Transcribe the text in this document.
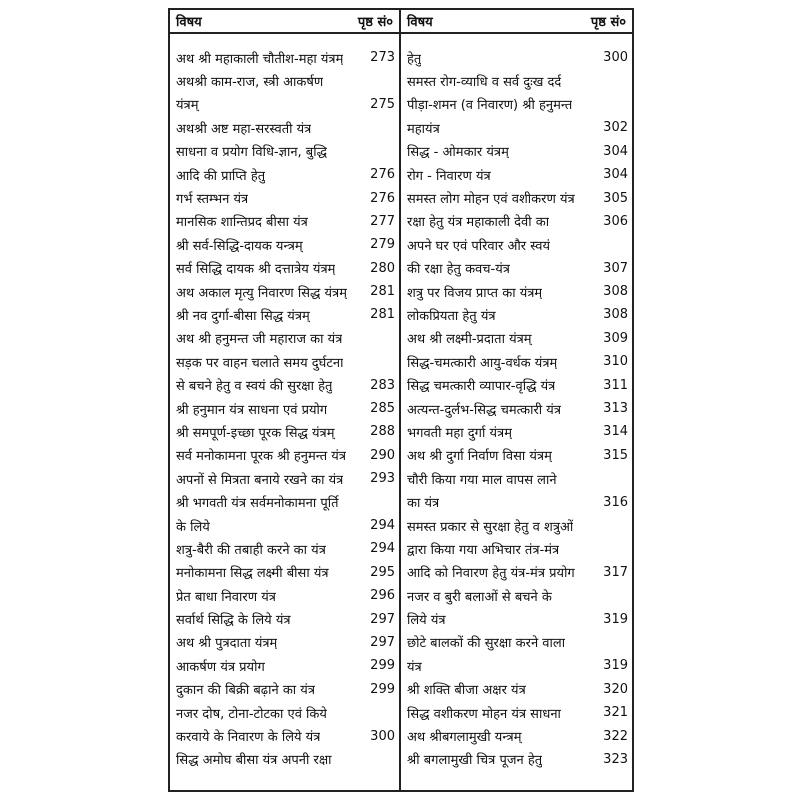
विषय	पृष्ठ सं०
अथ श्री महाकाली चौतीश-महा यंत्रम् 273
अथश्री काम-राज, स्त्री आकर्षण
यंत्रम्	275
अथश्री अष्ट महा-सरस्वती यंत्र
साधना व प्रयोग विधि-ज्ञान, बुद्धि
आदि की प्राप्ति हेतु	276
गर्भ स्तम्भन यंत्र	276
मानसिक शान्तिप्रद बीसा यंत्र	277
श्री सर्व-सिद्धि-दायक यन्त्रम्	279
सर्व सिद्धि दायक श्री दत्तात्रेय यंत्रम्	280
अथ अकाल मृत्यु निवारण सिद्ध यंत्रम् 281
श्री नव दुर्गा-बीसा सिद्ध यंत्रम्	281
अथ श्री हनुमन्त जी महाराज का यंत्र
सड़क पर वाहन चलाते समय दुर्घटना
से बचने हेतु व स्वयं की सुरक्षा हेतु	283
श्री हनुमान यंत्र साधना एवं प्रयोग	285
श्री समपूर्ण-इच्छा पूरक सिद्ध यंत्रम्	288
सर्व मनोकामना पूरक श्री हनुमन्त यंत्र 290
अपनों से मित्रता बनाये रखने का यंत्र 293
श्री भगवती यंत्र सर्वमनोकामना पूर्ति
के लिये	294
शत्रु-बैरी की तबाही करने का यंत्र	294
मनोकामना सिद्ध लक्ष्मी बीसा यंत्र	295
प्रेत बाधा निवारण यंत्र	296
सर्वार्थ सिद्धि के लिये यंत्र	297
अथ श्री पुत्रदाता यंत्रम्	297
आकर्षण यंत्र प्रयोग	299
दुकान की बिक्री बढ़ाने का यंत्र	299
नजर दोष, टोना-टोटका एवं किये
करवाये के निवारण के लिये यंत्र	300
सिद्ध अमोघ बीसा यंत्र अपनी रक्षा
विषय	पृष्ठ सं०
हेतु	300
समस्त रोग-व्याधि व सर्व दुःख दर्द
पीड़ा-शमन (व निवारण) श्री हनुमन्त
महायंत्र	302
सिद्ध - ओमकार यंत्रम्	304
रोग - निवारण यंत्र	304
समस्त लोग मोहन एवं वशीकरण यंत्र 305
रक्षा हेतु यंत्र महाकाली देवी का	306
अपने घर एवं परिवार और स्वयं
की रक्षा हेतु कवच-यंत्र	307
शत्रु पर विजय प्राप्त का यंत्रम्	308
लोकप्रियता हेतु यंत्र	308
अथ श्री लक्ष्मी-प्रदाता यंत्रम्	309
सिद्ध-चमत्कारी आयु-वर्धक यंत्रम्	310
सिद्ध चमत्कारी व्यापार-वृद्धि यंत्र	311
अत्यन्त-दुर्लभ-सिद्ध चमत्कारी यंत्र	313
भगवती महा दुर्गा यंत्रम्	314
अथ श्री दुर्गा निर्वाण विसा यंत्रम्	315
चौरी किया गया माल वापस लाने
का यंत्र	316
समस्त प्रकार से सुरक्षा हेतु व शत्रुओं
द्वारा किया गया अभिचार तंत्र-मंत्र
आदि को निवारण हेतु यंत्र-मंत्र प्रयोग 317
नजर व बुरी बलाओं से बचने के
लिये यंत्र	319
छोटे बालकों की सुरक्षा करने वाला
यंत्र	319
श्री शक्ति बीजा अक्षर यंत्र	320
सिद्ध वशीकरण मोहन यंत्र साधना	321
अथ श्रीबगलामुखी यन्त्रम्	322
श्री बगलामुखी चित्र पूजन हेतु	323
